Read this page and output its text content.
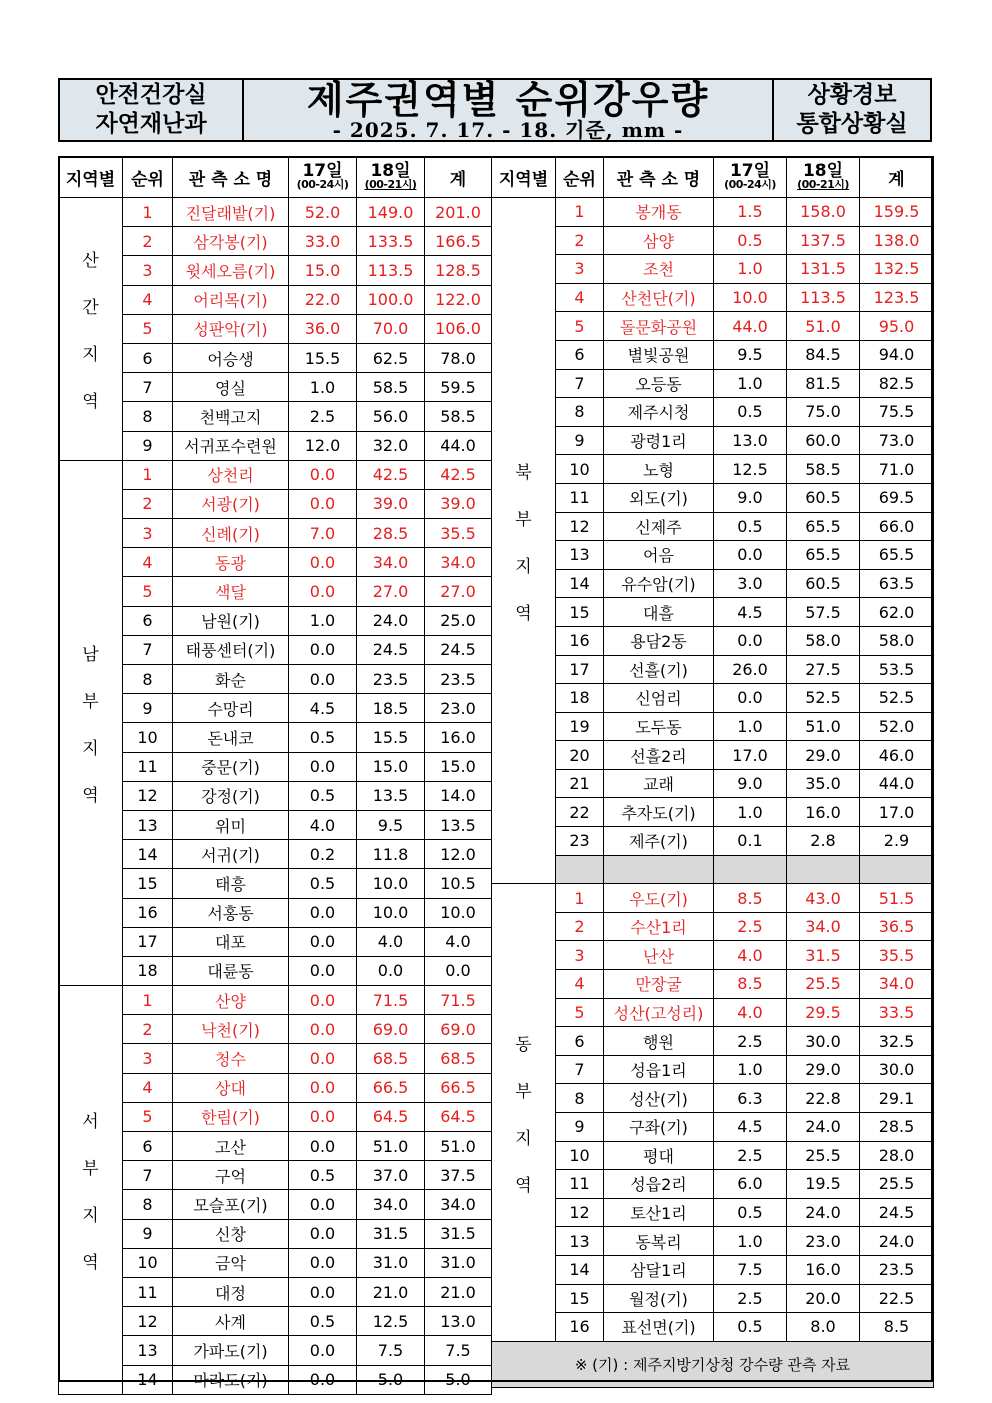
안전건강실
자연재난과
제주권역별 순위강우량
- 2025. 7. 17. - 18. 기준, mm -
상황경보
통합상황실
지역별	순위	관 측 소 명	17일
(00-24시)	18일
(00-21시)	계

산
간
지
역	1	진달래밭(기)	52.0	149.0	201.0
	2	삼각봉(기)	33.0	133.5	166.5
	3	윗세오름(기)	15.0	113.5	128.5
	4	어리목(기)	22.0	100.0	122.0
	5	성판악(기)	36.0	70.0	106.0
	6	어승생	15.5	62.5	78.0
	7	영실	1.0	58.5	59.5
	8	천백고지	2.5	56.0	58.5
	9	서귀포수련원	12.0	32.0	44.0

남
부
지
역	1	상천리	0.0	42.5	42.5
	2	서광(기)	0.0	39.0	39.0
	3	신례(기)	7.0	28.5	35.5
	4	동광	0.0	34.0	34.0
	5	색달	0.0	27.0	27.0
	6	남원(기)	1.0	24.0	25.0
	7	태풍센터(기)	0.0	24.5	24.5
	8	화순	0.0	23.5	23.5
	9	수망리	4.5	18.5	23.0
	10	돈내코	0.5	15.5	16.0
	11	중문(기)	0.0	15.0	15.0
	12	강정(기)	0.5	13.5	14.0
	13	위미	4.0	9.5	13.5
	14	서귀(기)	0.2	11.8	12.0
	15	태흥	0.5	10.0	10.5
	16	서홍동	0.0	10.0	10.0
	17	대포	0.0	4.0	4.0
	18	대륜동	0.0	0.0	0.0

서
부
지
역	1	산양	0.0	71.5	71.5
	2	낙천(기)	0.0	69.0	69.0
	3	청수	0.0	68.5	68.5
	4	상대	0.0	66.5	66.5
	5	한림(기)	0.0	64.5	64.5
	6	고산	0.0	51.0	51.0
	7	구억	0.5	37.0	37.5
	8	모슬포(기)	0.0	34.0	34.0
	9	신창	0.0	31.5	31.5
	10	금악	0.0	31.0	31.0
	11	대정	0.0	21.0	21.0
	12	사계	0.5	12.5	13.0
	13	가파도(기)	0.0	7.5	7.5
	14	마라도(기)	0.0	5.0	5.0
지역별	순위	관 측 소 명	17일
(00-24시)	18일
(00-21시)	계

북
부
지
역	1	봉개동	1.5	158.0	159.5
	2	삼양	0.5	137.5	138.0
	3	조천	1.0	131.5	132.5
	4	산천단(기)	10.0	113.5	123.5
	5	돌문화공원	44.0	51.0	95.0
	6	별빛공원	9.5	84.5	94.0
	7	오등동	1.0	81.5	82.5
	8	제주시청	0.5	75.0	75.5
	9	광령1리	13.0	60.0	73.0
	10	노형	12.5	58.5	71.0
	11	외도(기)	9.0	60.5	69.5
	12	신제주	0.5	65.5	66.0
	13	어음	0.0	65.5	65.5
	14	유수암(기)	3.0	60.5	63.5
	15	대흘	4.5	57.5	62.0
	16	용담2동	0.0	58.0	58.0
	17	선흘(기)	26.0	27.5	53.5
	18	신엄리	0.0	52.5	52.5
	19	도두동	1.0	51.0	52.0
	20	선흘2리	17.0	29.0	46.0
	21	교래	9.0	35.0	44.0
	22	추자도(기)	1.0	16.0	17.0
	23	제주(기)	0.1	2.8	2.9

동
부
지
역	1	우도(기)	8.5	43.0	51.5
	2	수산1리	2.5	34.0	36.5
	3	난산	4.0	31.5	35.5
	4	만장굴	8.5	25.5	34.0
	5	성산(고성리)	4.0	29.5	33.5
	6	행원	2.5	30.0	32.5
	7	성읍1리	1.0	29.0	30.0
	8	성산(기)	6.3	22.8	29.1
	9	구좌(기)	4.5	24.0	28.5
	10	평대	2.5	25.5	28.0
	11	성읍2리	6.0	19.5	25.5
	12	토산1리	0.5	24.0	24.5
	13	동복리	1.0	23.0	24.0
	14	삼달1리	7.5	16.0	23.5
	15	월정(기)	2.5	20.0	22.5
	16	표선면(기)	0.5	8.0	8.5
※ (기) : 제주지방기상청 강수량 관측 자료					
